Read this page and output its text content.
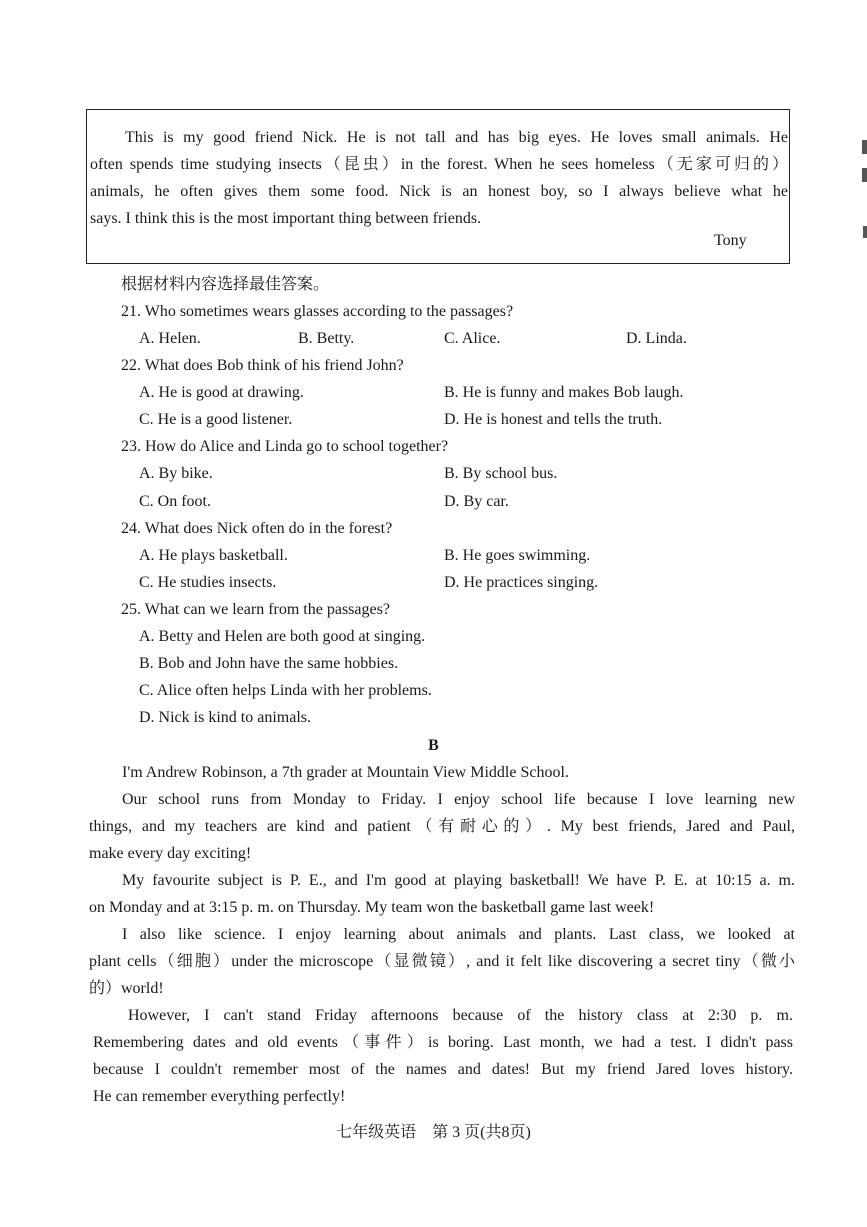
This is my good friend Nick. He is not tall and has big eyes. He loves small animals. He
often spends time studying insects（昆虫）in the forest. When he sees homeless（无家可归的）
animals, he often gives them some food. Nick is an honest boy, so I always believe what he
says. I think this is the most important thing between friends.
Tony
根据材料内容选择最佳答案。
21. Who sometimes wears glasses according to the passages?
A. Helen.	B. Betty.	C. Alice.	D. Linda.
22. What does Bob think of his friend John?
A. He is good at drawing.	B. He is funny and makes Bob laugh.
C. He is a good listener.	D. He is honest and tells the truth.
23. How do Alice and Linda go to school together?
A. By bike.	B. By school bus.
C. On foot.	D. By car.
24. What does Nick often do in the forest?
A. He plays basketball.	B. He goes swimming.
C. He studies insects.	D. He practices singing.
25. What can we learn from the passages?
A. Betty and Helen are both good at singing.
B. Bob and John have the same hobbies.
C. Alice often helps Linda with her problems.
D. Nick is kind to animals.
B
I'm Andrew Robinson, a 7th grader at Mountain View Middle School.
Our school runs from Monday to Friday. I enjoy school life because I love learning new
things, and my teachers are kind and patient（有耐心的）. My best friends, Jared and Paul,
make every day exciting!
My favourite subject is P. E., and I'm good at playing basketball! We have P. E. at 10:15 a. m.
on Monday and at 3:15 p. m. on Thursday. My team won the basketball game last week!
I also like science. I enjoy learning about animals and plants. Last class, we looked at
plant cells（细胞）under the microscope（显微镜）, and it felt like discovering a secret tiny（微小
的）world!
However, I can't stand Friday afternoons because of the history class at 2:30 p. m.
Remembering dates and old events（事件）is boring. Last month, we had a test. I didn't pass
because I couldn't remember most of the names and dates! But my friend Jared loves history.
He can remember everything perfectly!
七年级英语　第 3 页(共8页)
